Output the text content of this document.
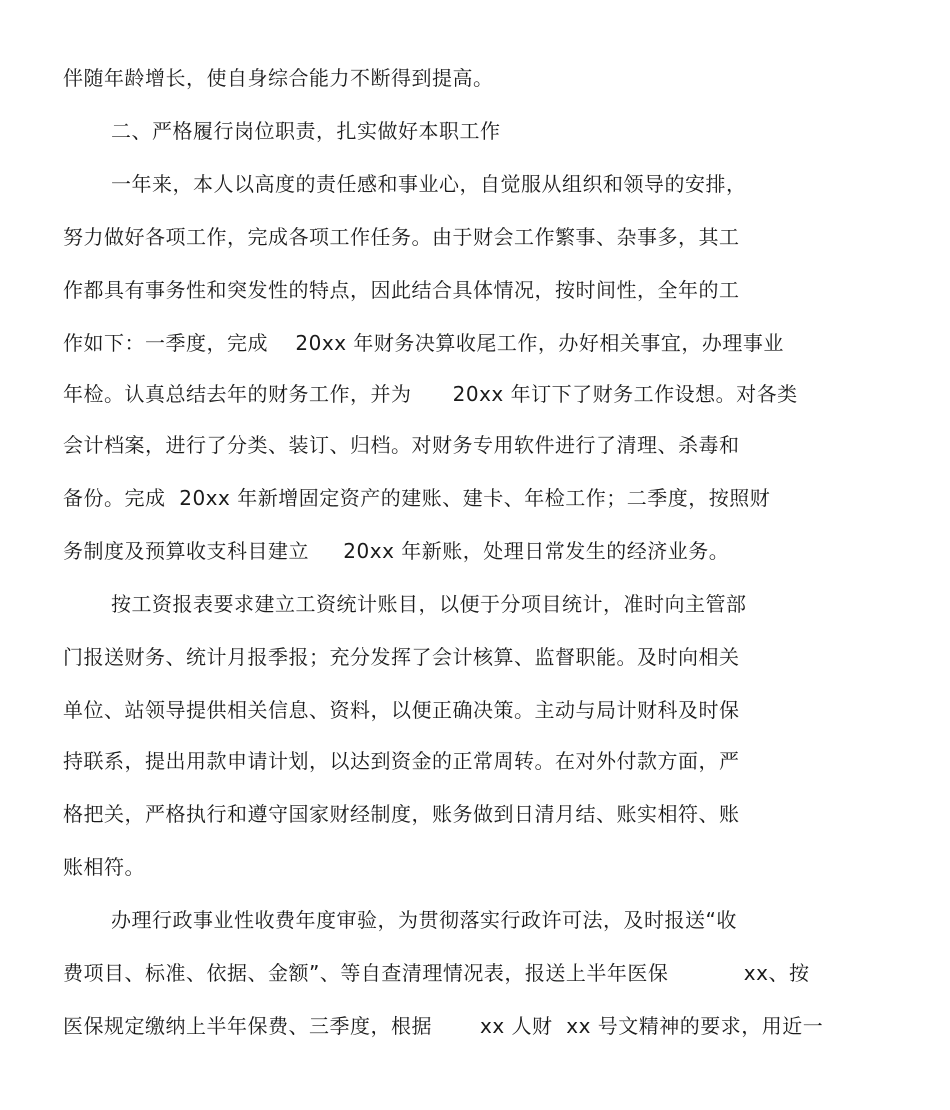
伴随年龄增长，使自身综合能力不断得到提高。
二、严格履行岗位职责，扎实做好本职工作
一年来，本人以高度的责任感和事业心，自觉服从组织和领导的安排，
努力做好各项工作，完成各项工作任务。由于财会工作繁事、杂事多，其工
作都具有事务性和突发性的特点，因此结合具体情况，按时间性，全年的工
作如下：一季度，完成    20xx 年财务决算收尾工作，办好相关事宜，办理事业
年检。认真总结去年的财务工作，并为      20xx 年订下了财务工作设想。对各类
会计档案，进行了分类、装订、归档。对财务专用软件进行了清理、杀毒和
备份。完成  20xx 年新增固定资产的建账、建卡、年检工作；二季度，按照财
务制度及预算收支科目建立     20xx 年新账，处理日常发生的经济业务。
按工资报表要求建立工资统计账目，以便于分项目统计，准时向主管部
门报送财务、统计月报季报；充分发挥了会计核算、监督职能。及时向相关
单位、站领导提供相关信息、资料，以便正确决策。主动与局计财科及时保
持联系，提出用款申请计划，以达到资金的正常周转。在对外付款方面，严
格把关，严格执行和遵守国家财经制度，账务做到日清月结、账实相符、账
账相符。
办理行政事业性收费年度审验，为贯彻落实行政许可法，及时报送“收
费项目、标准、依据、金额”、等自查清理情况表，报送上半年医保           xx、按
医保规定缴纳上半年保费、三季度，根据       xx 人财  xx 号文精神的要求，用近一
